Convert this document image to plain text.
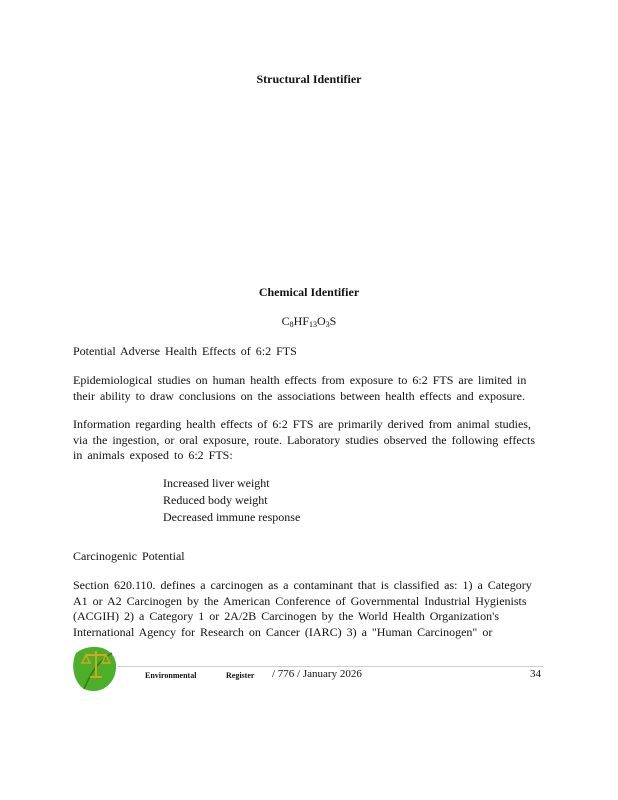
Structural Identifier
Chemical Identifier
$C_8HF_{13}O_3S$
Potential Adverse Health Effects of 6:2 FTS
Epidemiological studies on human health effects from exposure to 6:2 FTS are limited in their ability to draw conclusions on the associations between health effects and exposure.
Information regarding health effects of 6:2 FTS are primarily derived from animal studies, via the ingestion, or oral exposure, route. Laboratory studies observed the following effects in animals exposed to 6:2 FTS:
Increased liver weight
Reduced body weight
Decreased immune response
Carcinogenic Potential
Section 620.110. defines a carcinogen as a contaminant that is classified as: 1) a Category A1 or A2 Carcinogen by the American Conference of Governmental Industrial Hygienists (ACGIH) 2) a Category 1 or 2A/2B Carcinogen by the World Health Organization's International Agency for Research on Cancer (IARC) 3) a "Human Carcinogen" or
Environmental	Register / 776 / January 2026	34
